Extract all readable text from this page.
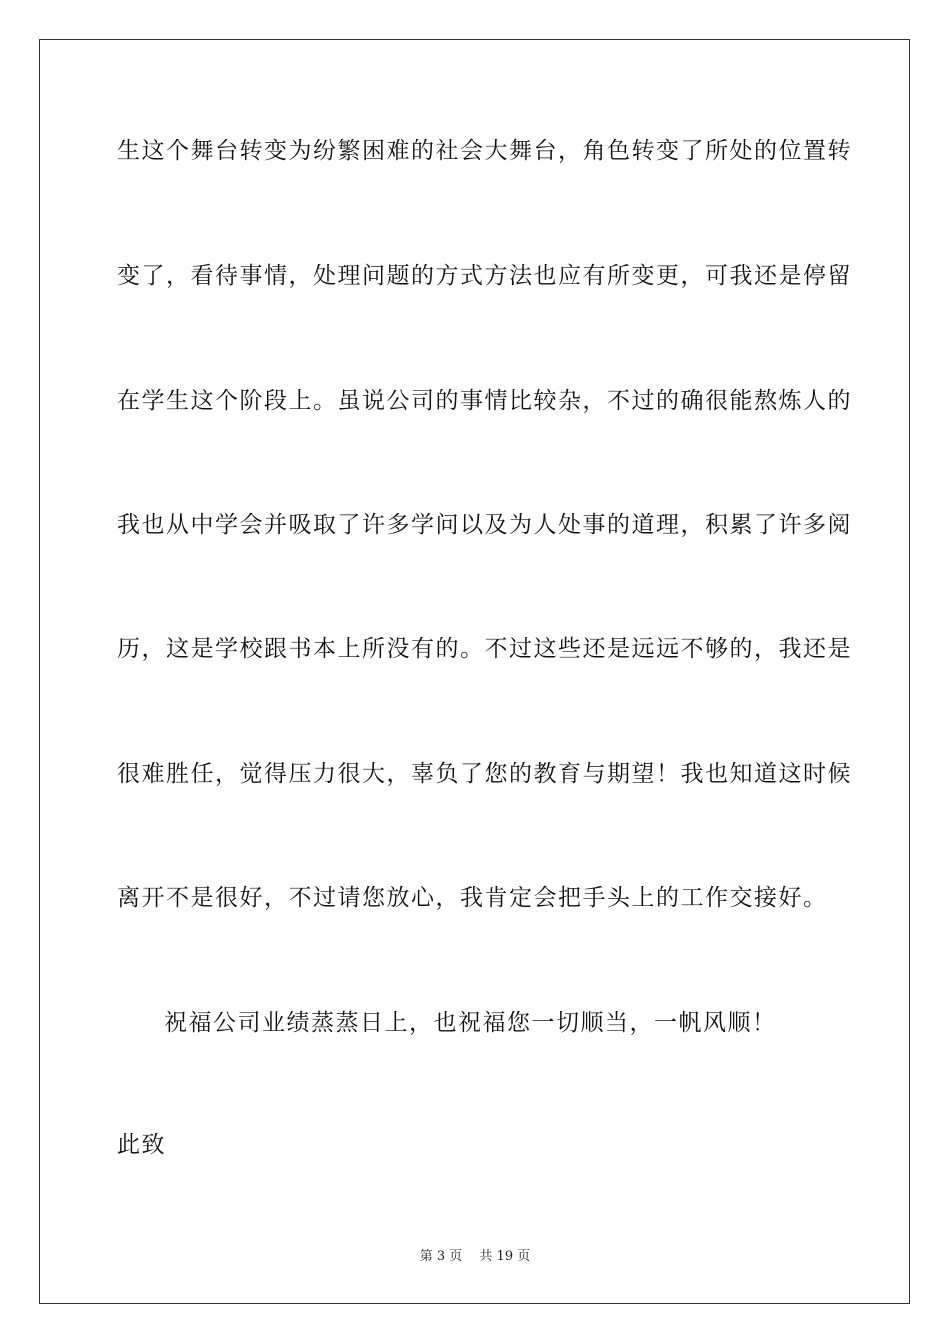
生这个舞台转变为纷繁困难的社会大舞台，角色转变了所处的位置转
变了，看待事情，处理问题的方式方法也应有所变更，可我还是停留
在学生这个阶段上。虽说公司的事情比较杂，不过的确很能熬炼人的
我也从中学会并吸取了许多学问以及为人处事的道理，积累了许多阅
历，这是学校跟书本上所没有的。不过这些还是远远不够的，我还是
很难胜任，觉得压力很大，辜负了您的教育与期望！我也知道这时候
离开不是很好，不过请您放心，我肯定会把手头上的工作交接好。
祝福公司业绩蒸蒸日上，也祝福您一切顺当，一帆风顺！
此致
第 3 页　 共 19 页
